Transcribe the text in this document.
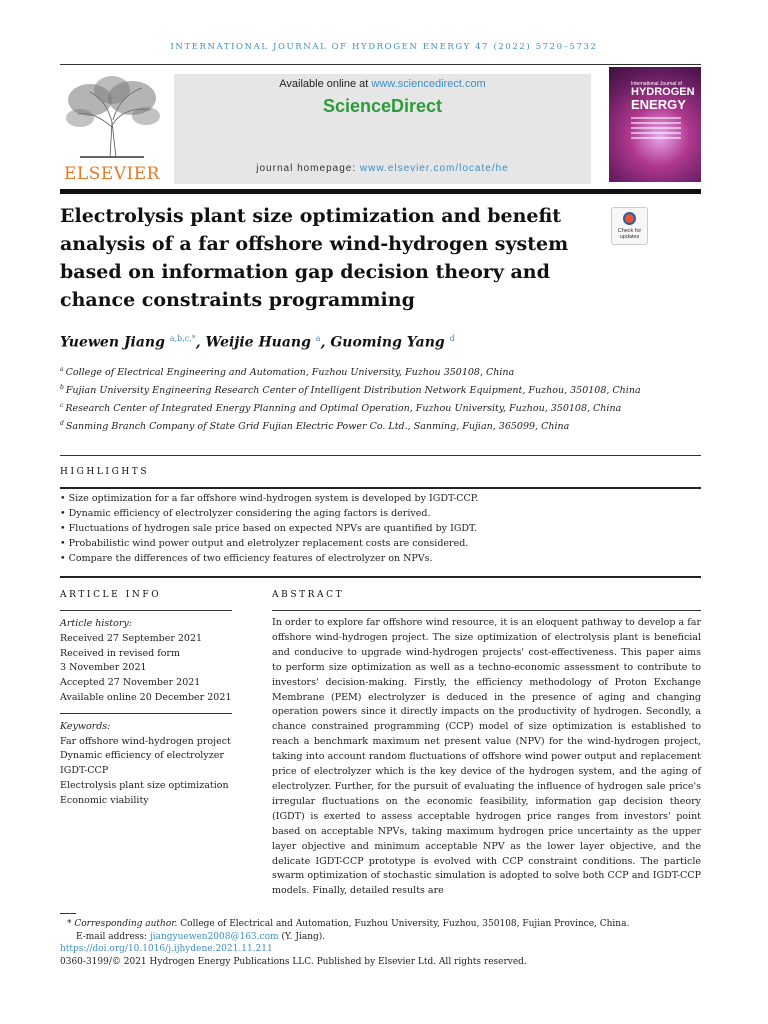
INTERNATIONAL JOURNAL OF HYDROGEN ENERGY 47 (2022) 5720–5732
ELSEVIER
Available online at www.sciencedirect.com
ScienceDirect
journal homepage: www.elsevier.com/locate/he
International Journal of
HYDROGEN
ENERGY
Electrolysis plant size optimization and benefit analysis of a far offshore wind-hydrogen system based on information gap decision theory and chance constraints programming
Check for updates
Yuewen Jiang $^{a,b,c,*}$, Weijie Huang $^a$, Guoming Yang $^d$
$^a$ College of Electrical Engineering and Automation, Fuzhou University, Fuzhou 350108, China
$^b$ Fujian University Engineering Research Center of Intelligent Distribution Network Equipment, Fuzhou, 350108, China
$^c$ Research Center of Integrated Energy Planning and Optimal Operation, Fuzhou University, Fuzhou, 350108, China
$^d$ Sanming Branch Company of State Grid Fujian Electric Power Co. Ltd., Sanming, Fujian, 365099, China
HIGHLIGHTS
• Size optimization for a far offshore wind-hydrogen system is developed by IGDT-CCP.
• Dynamic efficiency of electrolyzer considering the aging factors is derived.
• Fluctuations of hydrogen sale price based on expected NPVs are quantified by IGDT.
• Probabilistic wind power output and eletrolyzer replacement costs are considered.
• Compare the differences of two efficiency features of electrolyzer on NPVs.
ARTICLE INFO	ABSTRACT
Article history:
Received 27 September 2021
Received in revised form
3 November 2021
Accepted 27 November 2021
Available online 20 December 2021
Keywords:
Far offshore wind-hydrogen project
Dynamic efficiency of electrolyzer
IGDT-CCP
Electrolysis plant size optimization
Economic viability
In order to explore far offshore wind resource, it is an eloquent pathway to develop a far offshore wind-hydrogen project. The size optimization of electrolysis plant is beneficial and conducive to upgrade wind-hydrogen projects' cost-effectiveness. This paper aims to perform size optimization as well as a techno-economic assessment to contribute to investors' decision-making. Firstly, the efficiency methodology of Proton Exchange Membrane (PEM) electrolyzer is deduced in the presence of aging and changing operation powers since it directly impacts on the productivity of hydrogen. Secondly, a chance constrained programming (CCP) model of size optimization is established to reach a benchmark maximum net present value (NPV) for the wind-hydrogen project, taking into account random fluctuations of offshore wind power output and replacement price of electrolyzer which is the key device of the hydrogen system, and the aging of electrolyzer. Further, for the pursuit of evaluating the influence of hydrogen sale price's irregular fluctuations on the economic feasibility, information gap decision theory (IGDT) is exerted to assess acceptable hydrogen price ranges from investors' point based on acceptable NPVs, taking maximum hydrogen price uncertainty as the upper layer objective and minimum acceptable NPV as the lower layer objective, and the delicate IGDT-CCP prototype is evolved with CCP constraint conditions. The particle swarm optimization of stochastic simulation is adopted to solve both CCP and IGDT-CCP models. Finally, detailed results are
* Corresponding author. College of Electrical and Automation, Fuzhou University, Fuzhou, 350108, Fujian Province, China.
E-mail address: jiangyuewen2008@163.com (Y. Jiang).
https://doi.org/10.1016/j.ijhydene.2021.11.211
0360-3199/© 2021 Hydrogen Energy Publications LLC. Published by Elsevier Ltd. All rights reserved.
